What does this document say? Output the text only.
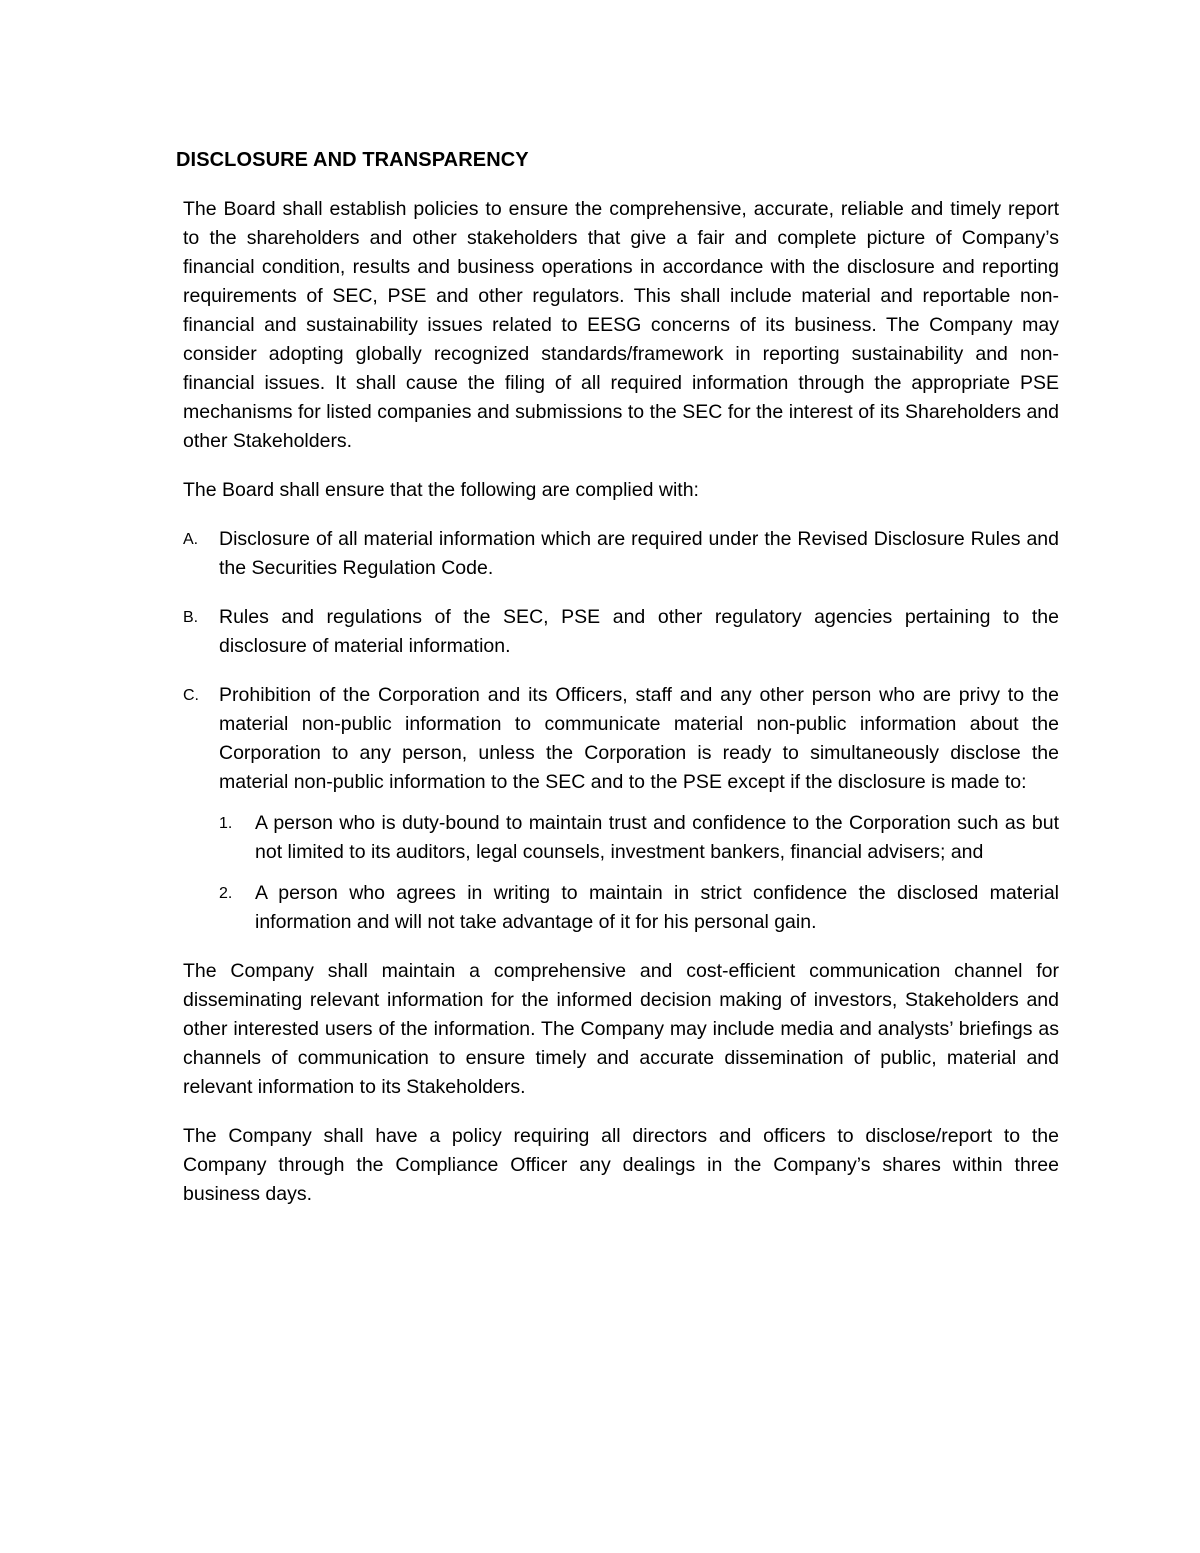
DISCLOSURE AND TRANSPARENCY

The Board shall establish policies to ensure the comprehensive, accurate, reliable and timely report to the shareholders and other stakeholders that give a fair and complete picture of Company’s financial condition, results and business operations in accordance with the disclosure and reporting requirements of SEC, PSE and other regulators. This shall include material and reportable non-financial and sustainability issues related to EESG concerns of its business. The Company may consider adopting globally recognized standards/framework in reporting sustainability and non-financial issues. It shall cause the filing of all required information through the appropriate PSE mechanisms for listed companies and submissions to the SEC for the interest of its Shareholders and other Stakeholders.

The Board shall ensure that the following are complied with:

A. Disclosure of all material information which are required under the Revised Disclosure Rules and the Securities Regulation Code.
B. Rules and regulations of the SEC, PSE and other regulatory agencies pertaining to the disclosure of material information.
C. Prohibition of the Corporation and its Officers, staff and any other person who are privy to the material non-public information to communicate material non-public information about the Corporation to any person, unless the Corporation is ready to simultaneously disclose the material non-public information to the SEC and to the PSE except if the disclosure is made to:
1. A person who is duty-bound to maintain trust and confidence to the Corporation such as but not limited to its auditors, legal counsels, investment bankers, financial advisers; and
2. A person who agrees in writing to maintain in strict confidence the disclosed material information and will not take advantage of it for his personal gain.

The Company shall maintain a comprehensive and cost-efficient communication channel for disseminating relevant information for the informed decision making of investors, Stakeholders and other interested users of the information. The Company may include media and analysts’ briefings as channels of communication to ensure timely and accurate dissemination of public, material and relevant information to its Stakeholders.

The Company shall have a policy requiring all directors and officers to disclose/report to the Company through the Compliance Officer any dealings in the Company’s shares within three business days.
